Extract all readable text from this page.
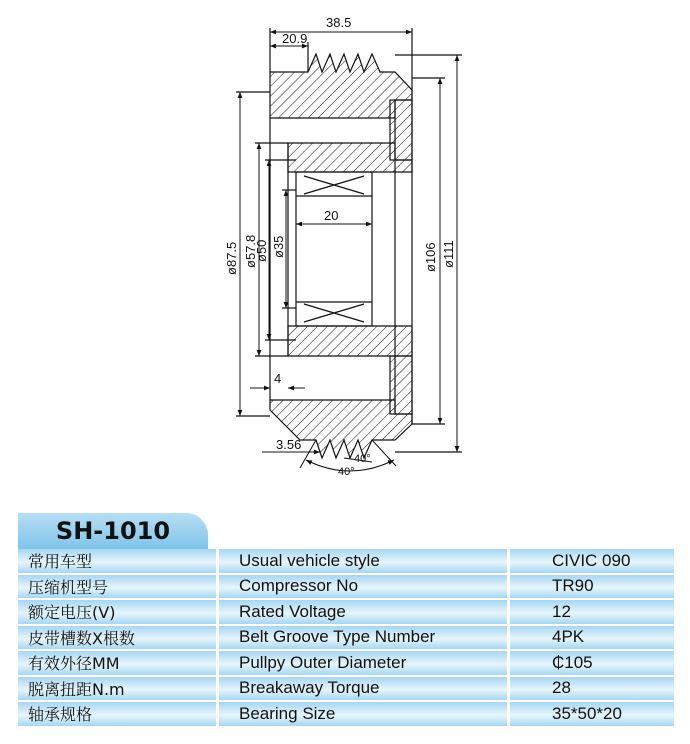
38.5
20.9
ø87.5 ø57.8
ø50 ø35
20
ø106 ø111
4
3.56
40°
40°
SH-1010
常用车型	Usual vehicle style	CIVIC 090
压缩机型号	Compressor No	TR90
额定电压(V)	Rated Voltage	12
皮带槽数X根数	Belt Groove Type Number	4PK
有效外径MM	Pullpy Outer Diameter	₵105
脱离扭距N.m	Breakaway Torque	28
轴承规格	Bearing Size	35*50*20
